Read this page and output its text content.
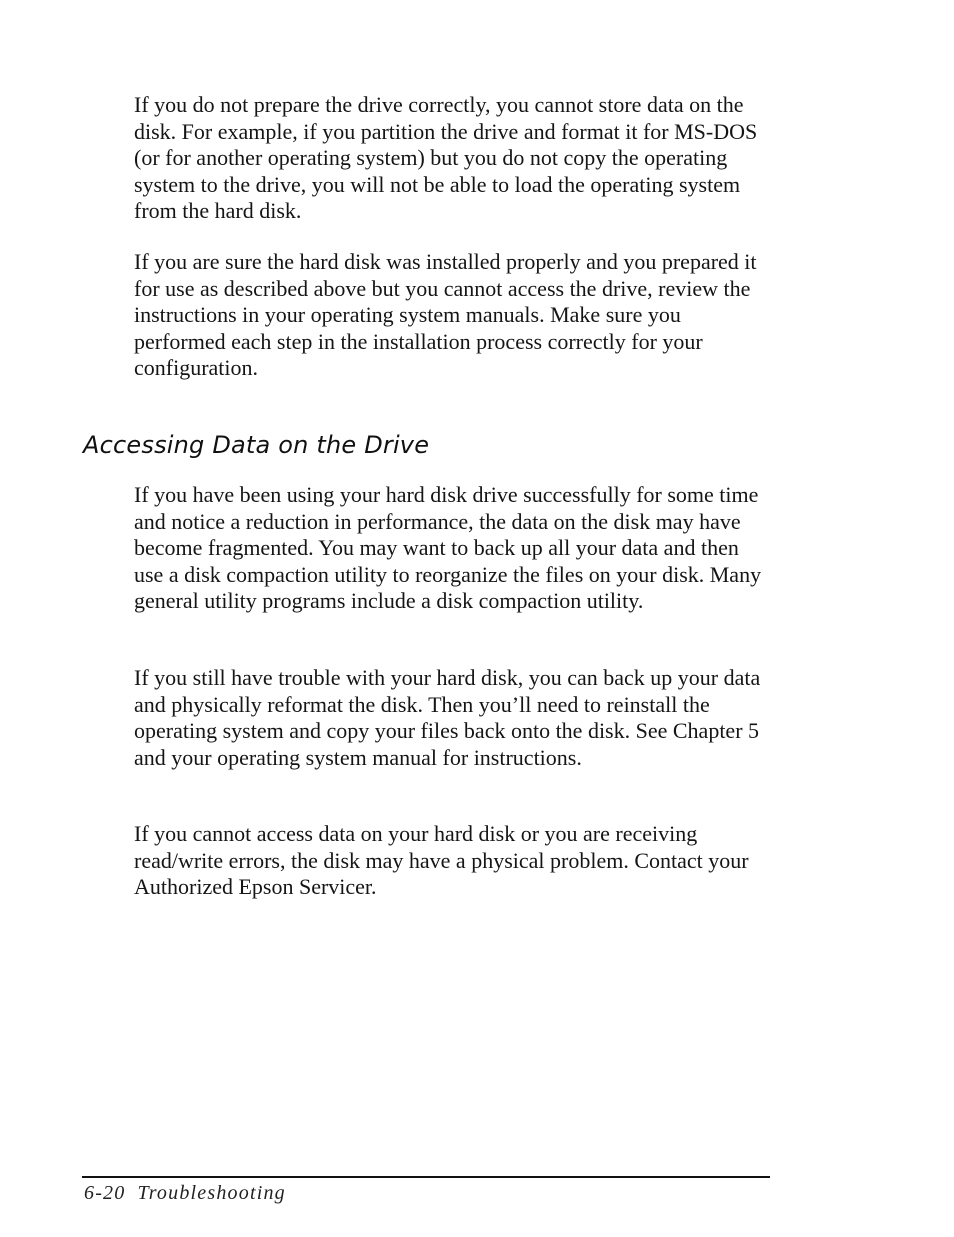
If you do not prepare the drive correctly, you cannot store data on the disk. For example, if you partition the drive and format it for MS-DOS (or for another operating system) but you do not copy the operating system to the drive, you will not be able to load the operating system from the hard disk.

If you are sure the hard disk was installed properly and you prepared it for use as described above but you cannot access the drive, review the instructions in your operating system manuals. Make sure you performed each step in the installation process correctly for your configuration.

Accessing Data on the Drive

If you have been using your hard disk drive successfully for some time and notice a reduction in performance, the data on the disk may have become fragmented. You may want to back up all your data and then use a disk compaction utility to reorganize the files on your disk. Many general utility programs include a disk compaction utility.

If you still have trouble with your hard disk, you can back up your data and physically reformat the disk. Then you’ll need to reinstall the operating system and copy your files back onto the disk. See Chapter 5 and your operating system manual for instructions.

If you cannot access data on your hard disk or you are receiving read/write errors, the disk may have a physical problem. Contact your Authorized Epson Servicer.

6-20 Troubleshooting
